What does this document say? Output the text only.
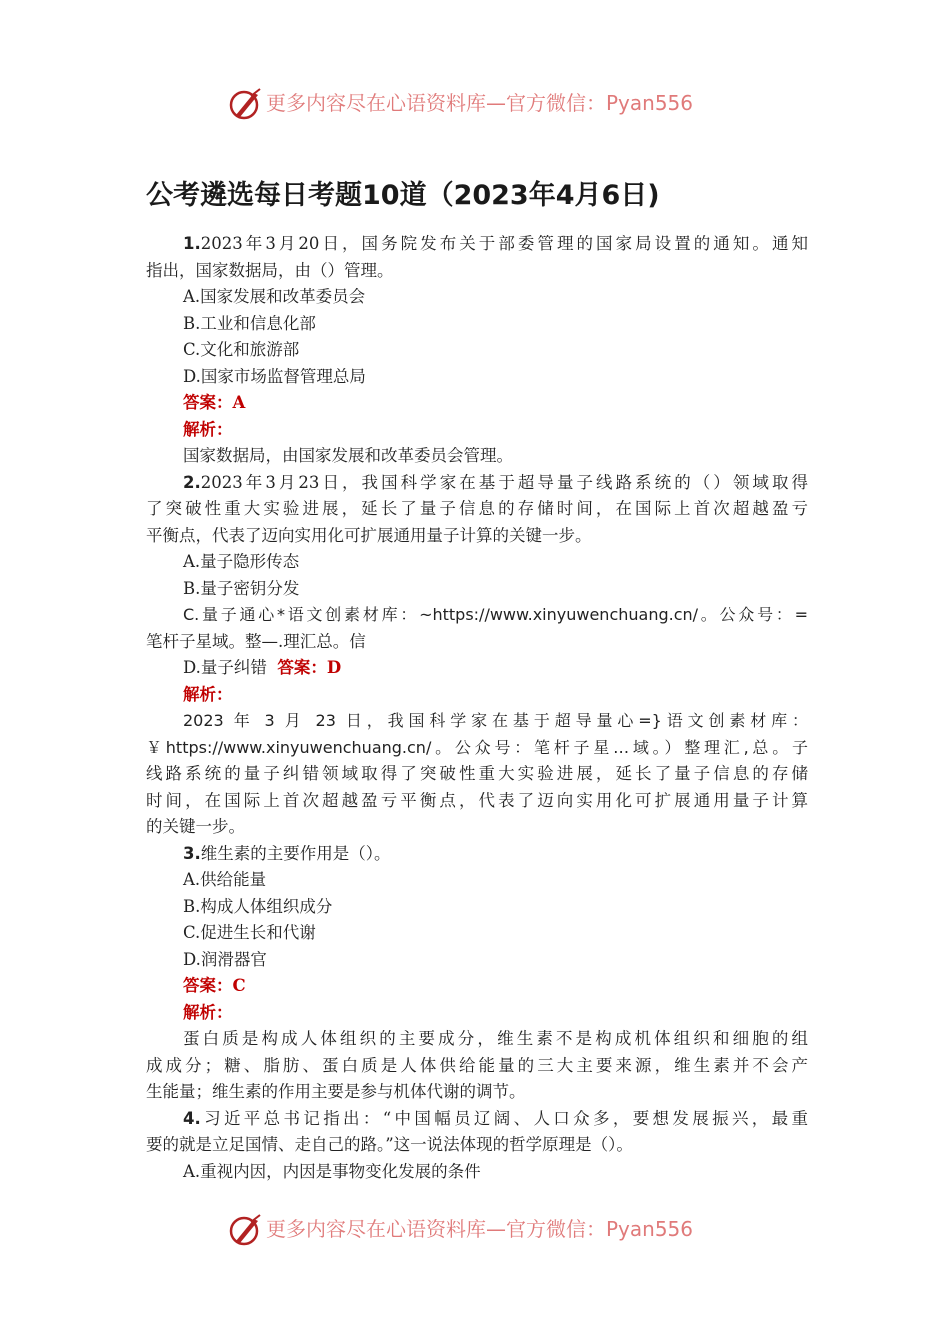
更多内容尽在心语资料库—官方微信：Pyan556
公考遴选每日考题10道（2023年4月6日)

1.2023年3月20日，国务院发布关于部委管理的国家局设置的通知。通知

指出，国家数据局，由（）管理。

A.国家发展和改革委员会

B.工业和信息化部

C.文化和旅游部

D.国家市场监督管理总局

答案：A

解析：

国家数据局，由国家发展和改革委员会管理。

2.2023年3月23日，我国科学家在基于超导量子线路系统的（）领域取得

了突破性重大实验进展，延长了量子信息的存储时间，在国际上首次超越盈亏

平衡点，代表了迈向实用化可扩展通用量子计算的关键一步。

A.量子隐形传态

B.量子密钥分发

C.量子通心*语文创素材库：~https://www.xinyuwenchuang.cn/。公众号：=

笔杆子星域。整—.理汇总。信

D.量子纠错 答案：D

解析：

2023 年 3 月 23 日，我国科学家在基于超导量心=}语文创素材库：

￥https://www.xinyuwenchuang.cn/。公众号：笔杆子星…域。）整理汇,总。子

线路系统的量子纠错领域取得了突破性重大实验进展，延长了量子信息的存储

时间，在国际上首次超越盈亏平衡点，代表了迈向实用化可扩展通用量子计算

的关键一步。

3.维生素的主要作用是（）。

A.供给能量

B.构成人体组织成分

C.促进生长和代谢

D.润滑器官

答案：C

解析：

蛋白质是构成人体组织的主要成分，维生素不是构成机体组织和细胞的组

成成分；糖、脂肪、蛋白质是人体供给能量的三大主要来源，维生素并不会产

生能量；维生素的作用主要是参与机体代谢的调节。

4.习近平总书记指出：“中国幅员辽阔、人口众多，要想发展振兴，最重

要的就是立足国情、走自己的路。”这一说法体现的哲学原理是（）。

A.重视内因，内因是事物变化发展的条件

更多内容尽在心语资料库—官方微信：Pyan556
